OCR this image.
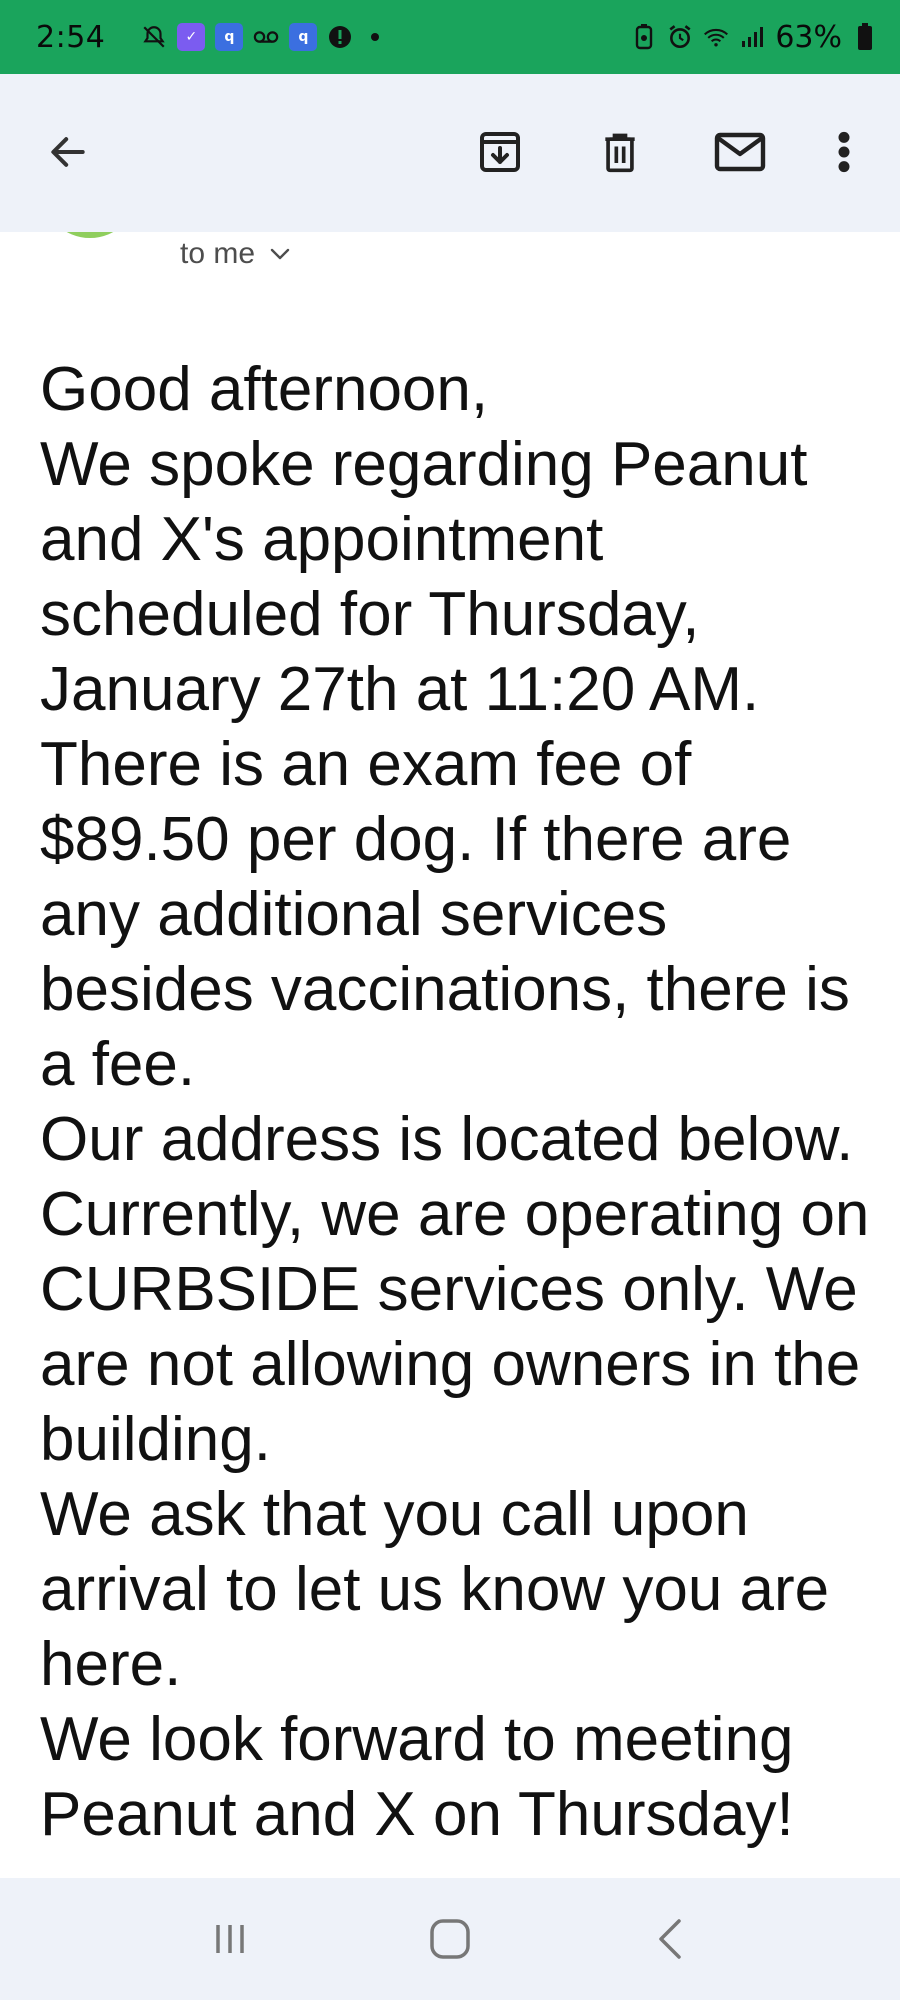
2:54	✓	q	q	63%
to me

Good afternoon,

We spoke regarding Peanut and X's appointment scheduled for Thursday, January 27th at 11:20 AM. There is an exam fee of $89.50 per dog. If there are any additional services besides vaccinations, there is a fee.

Our address is located below. Currently, we are operating on CURBSIDE services only. We are not allowing owners in the building.

We ask that you call upon arrival to let us know you are here.

We look forward to meeting Peanut and X on Thursday!
